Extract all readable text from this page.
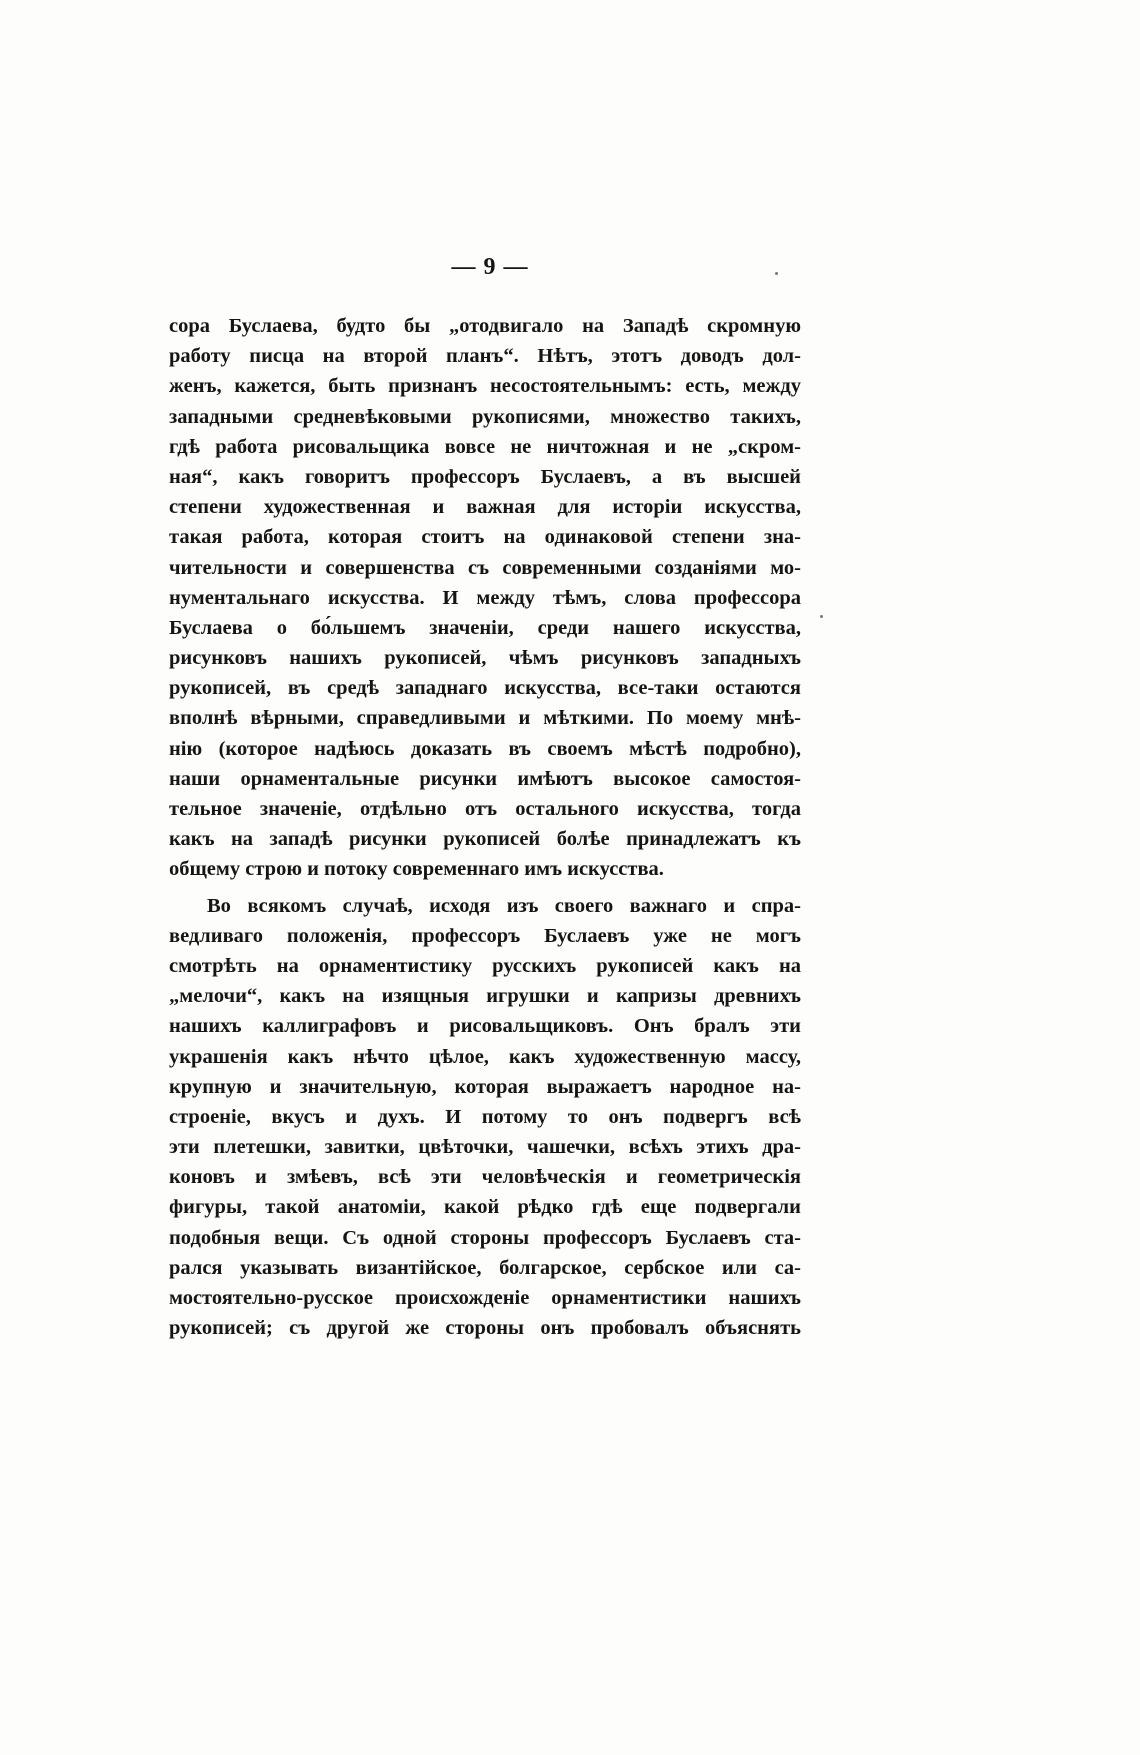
— 9 —
сора Буслаева, будто бы „отодвигало на Западѣ скромную
работу писца на второй планъ“. Нѣтъ, этотъ доводъ дол-
женъ, кажется, быть признанъ несостоятельнымъ: есть, между
западными средневѣковыми рукописями, множество такихъ,
гдѣ работа рисовальщика вовсе не ничтожная и не „скром-
ная“, какъ говоритъ профессоръ Буслаевъ, а въ высшей
степени художественная и важная для исторіи искусства,
такая работа, которая стоитъ на одинаковой степени зна-
чительности и совершенства съ современными созданіями мо-
нументальнаго искусства. И между тѣмъ, слова профессора
Буслаева о бо́льшемъ значеніи, среди нашего искусства,
рисунковъ нашихъ рукописей, чѣмъ рисунковъ западныхъ
рукописей, въ средѣ западнаго искусства, все-таки остаются
вполнѣ вѣрными, справедливыми и мѣткими. По моему мнѣ-
нію (которое надѣюсь доказать въ своемъ мѣстѣ подробно),
наши орнаментальные рисунки имѣютъ высокое самостоя-
тельное значеніе, отдѣльно отъ остального искусства, тогда
какъ на западѣ рисунки рукописей болѣе принадлежатъ къ
общему строю и потоку современнаго имъ искусства.
Во всякомъ случаѣ, исходя изъ своего важнаго и спра-
ведливаго положенія, профессоръ Буслаевъ уже не могъ
смотрѣть на орнаментистику русскихъ рукописей какъ на
„мелочи“, какъ на изящныя игрушки и капризы древнихъ
нашихъ каллиграфовъ и рисовальщиковъ. Онъ бралъ эти
украшенія какъ нѣчто цѣлое, какъ художественную массу,
крупную и значительную, которая выражаетъ народное на-
строеніе, вкусъ и духъ. И потому то онъ подвергъ всѣ
эти плетешки, завитки, цвѣточки, чашечки, всѣхъ этихъ дра-
коновъ и змѣевъ, всѣ эти человѣческія и геометрическія
фигуры, такой анатоміи, какой рѣдко гдѣ еще подвергали
подобныя вещи. Съ одной стороны профессоръ Буслаевъ ста-
рался указывать византійское, болгарское, сербское или са-
мостоятельно-русское происхожденіе орнаментистики нашихъ
рукописей; съ другой же стороны онъ пробовалъ объяснять
